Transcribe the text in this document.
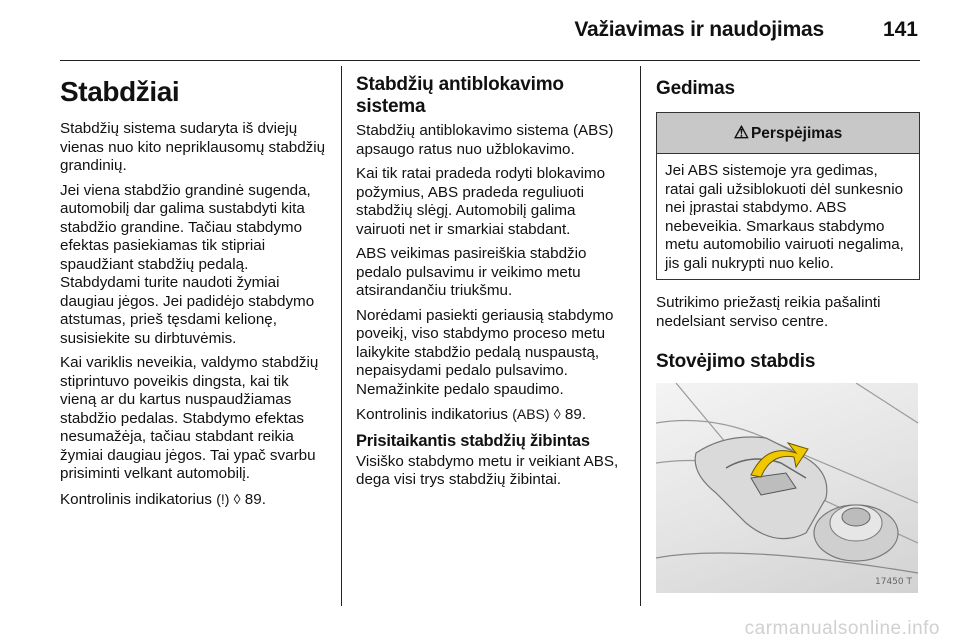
Važiavimas ir naudojimas	141
Stabdžiai

Stabdžių sistema sudaryta iš dviejų vienas nuo kito nepriklausomų stabdžių grandinių.

Jei viena stabdžio grandinė sugenda, automobilį dar galima sustabdyti kita stabdžio grandine. Tačiau stabdymo efektas pasiekiamas tik stipriai spaudžiant stabdžių pedalą. Stabdydami turite naudoti žymiai daugiau jėgos. Jei padidėjo stabdymo atstumas, prieš tęsdami kelionę, susisiekite su dirbtuvėmis.

Kai variklis neveikia, valdymo stabdžių stiprintuvo poveikis dingsta, kai tik vieną ar du kartus nuspaudžiamas stabdžio pedalas. Stabdymo efektas nesumažėja, tačiau stabdant reikia žymiai daugiau jėgos. Tai ypač svarbu prisiminti velkant automobilį.

Kontrolinis indikatorius (!) ◊ 89.

Stabdžių antiblokavimo sistema

Stabdžių antiblokavimo sistema (ABS) apsaugo ratus nuo užblokavimo.

Kai tik ratai pradeda rodyti blokavimo požymius, ABS pradeda reguliuoti stabdžių slėgį. Automobilį galima vairuoti net ir smarkiai stabdant.

ABS veikimas pasireiškia stabdžio pedalo pulsavimu ir veikimo metu atsirandančiu triukšmu.

Norėdami pasiekti geriausią stabdymo poveikį, viso stabdymo proceso metu laikykite stabdžio pedalą nuspaustą, nepaisydami pedalo pulsavimo. Nemažinkite pedalo spaudimo.

Kontrolinis indikatorius (ABS) ◊ 89.

Prisitaikantis stabdžių žibintas

Visiško stabdymo metu ir veikiant ABS, dega visi trys stabdžių žibintai.

Gedimas
⚠ Perspėjimas

Jei ABS sistemoje yra gedimas, ratai gali užsiblokuoti dėl sunkesnio nei įprastai stabdymo. ABS nebeveikia. Smarkaus stabdymo metu automobilio vairuoti negalima, jis gali nukrypti nuo kelio.

Sutrikimo priežastį reikia pašalinti nedelsiant serviso centre.

Stovėjimo stabdis
17450 T
carmanualsonline.info
